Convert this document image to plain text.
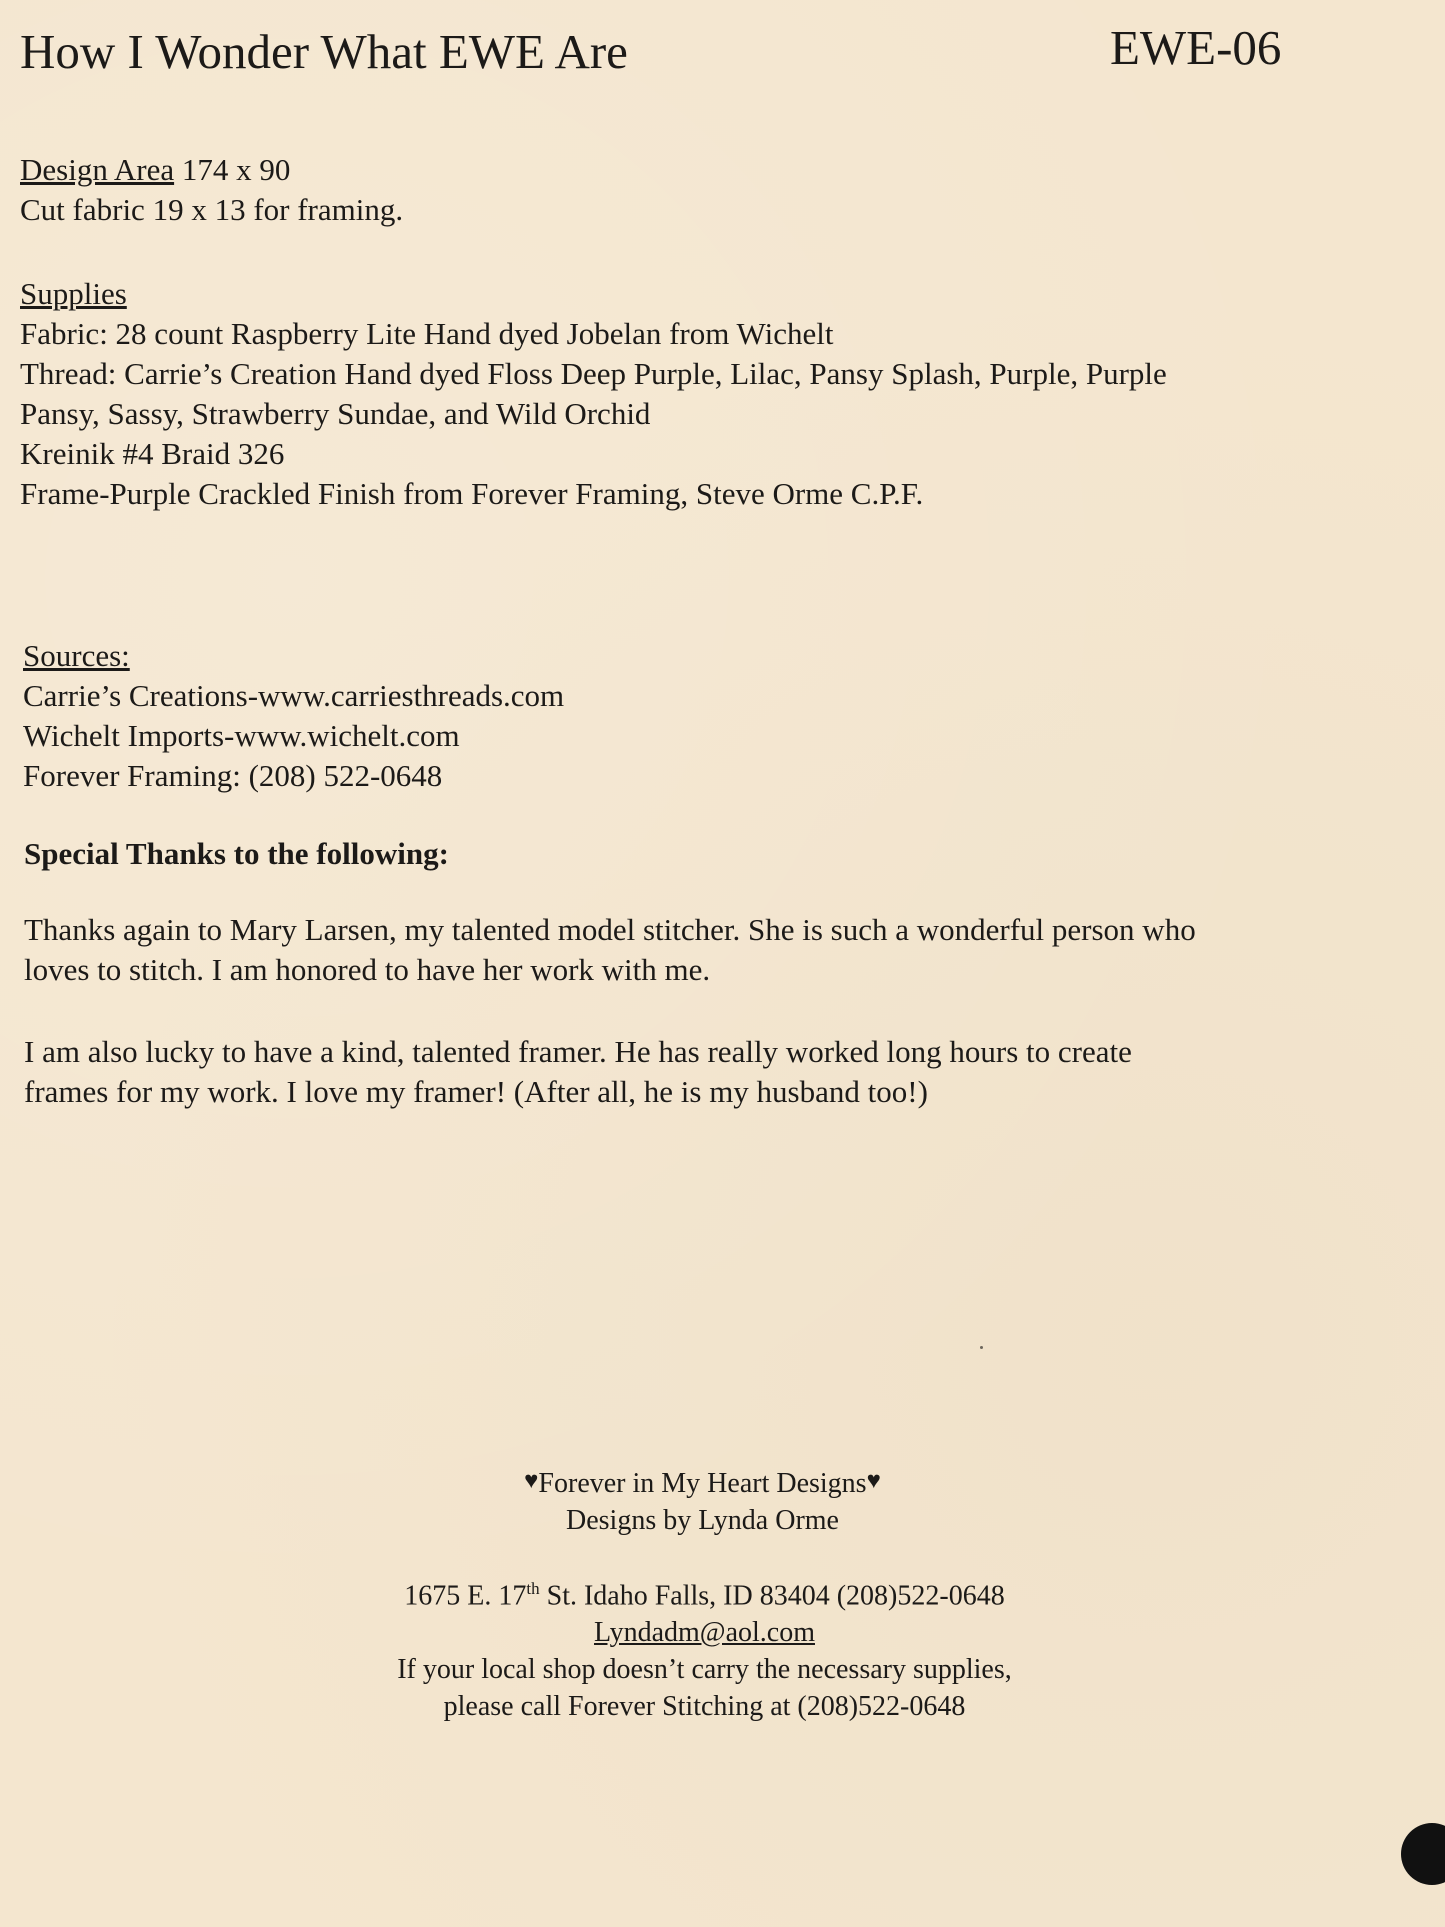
How I Wonder What EWE Are	EWE-06
Design Area 174 x 90
Cut fabric 19 x 13 for framing.
Supplies
Fabric: 28 count Raspberry Lite Hand dyed Jobelan from Wichelt
Thread: Carrie’s Creation Hand dyed Floss Deep Purple, Lilac, Pansy Splash, Purple, Purple
Pansy, Sassy, Strawberry Sundae, and Wild Orchid
Kreinik #4 Braid 326
Frame-Purple Crackled Finish from Forever Framing, Steve Orme C.P.F.
Sources:
Carrie’s Creations-www.carriesthreads.com
Wichelt Imports-www.wichelt.com
Forever Framing: (208) 522-0648
Special Thanks to the following:
Thanks again to Mary Larsen, my talented model stitcher. She is such a wonderful person who
loves to stitch. I am honored to have her work with me.
I am also lucky to have a kind, talented framer. He has really worked long hours to create
frames for my work. I love my framer! (After all, he is my husband too!)
♥Forever in My Heart Designs♥
Designs by Lynda Orme
1675 E. 17th St. Idaho Falls, ID 83404 (208)522-0648
Lyndadm@aol.com
If your local shop doesn’t carry the necessary supplies,
please call Forever Stitching at (208)522-0648
